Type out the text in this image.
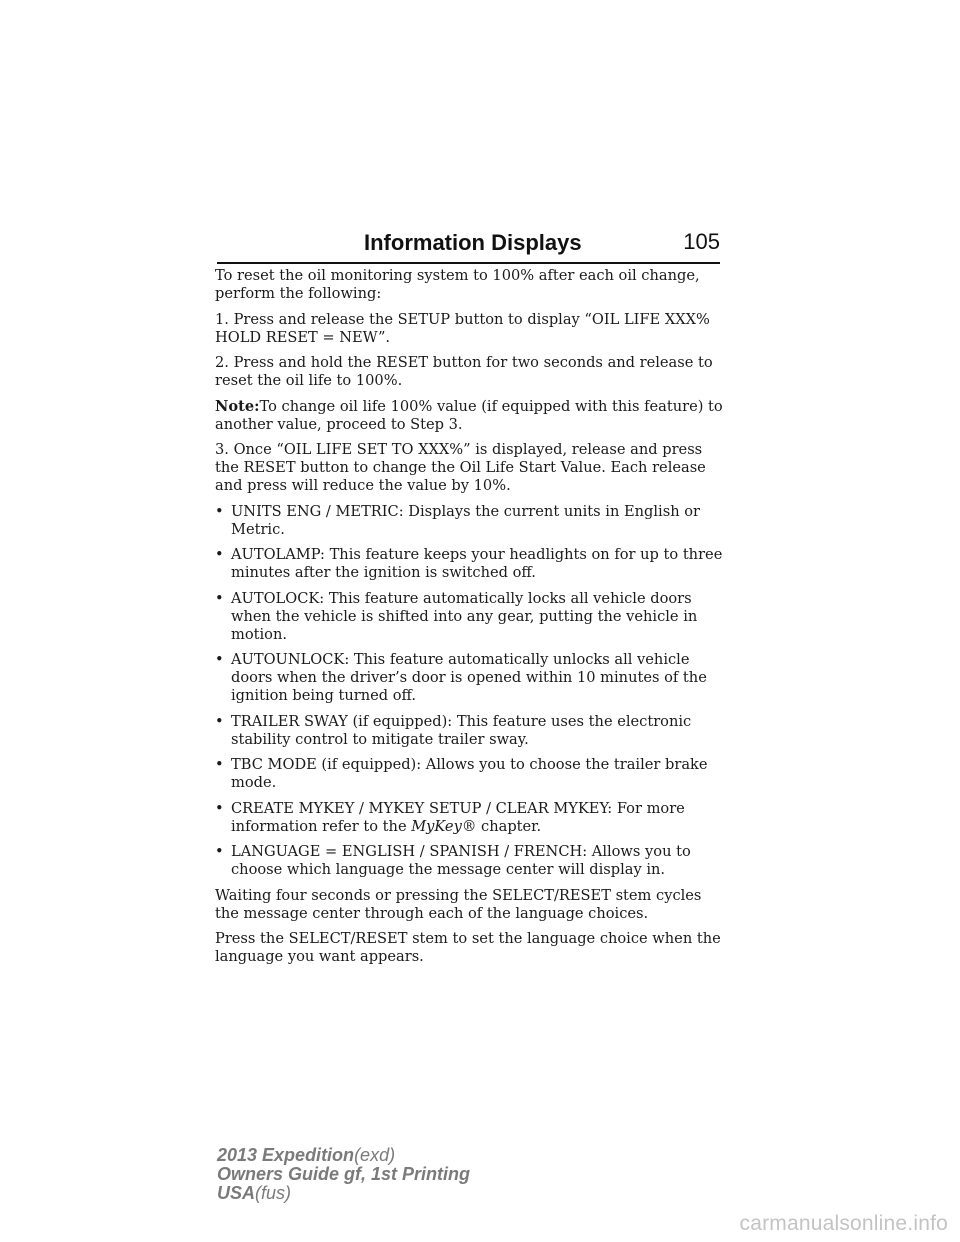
Information Displays	105

To reset the oil monitoring system to 100% after each oil change, perform the following:

1. Press and release the SETUP button to display “OIL LIFE XXX% HOLD RESET = NEW”.

2. Press and hold the RESET button for two seconds and release to reset the oil life to 100%.

Note:To change oil life 100% value (if equipped with this feature) to another value, proceed to Step 3.

3. Once “OIL LIFE SET TO XXX%” is displayed, release and press the RESET button to change the Oil Life Start Value. Each release and press will reduce the value by 10%.

• UNITS ENG / METRIC: Displays the current units in English or Metric.
• AUTOLAMP: This feature keeps your headlights on for up to three minutes after the ignition is switched off.
• AUTOLOCK: This feature automatically locks all vehicle doors when the vehicle is shifted into any gear, putting the vehicle in motion.
• AUTOUNLOCK: This feature automatically unlocks all vehicle doors when the driver’s door is opened within 10 minutes of the ignition being turned off.
• TRAILER SWAY (if equipped): This feature uses the electronic stability control to mitigate trailer sway.
• TBC MODE (if equipped): Allows you to choose the trailer brake mode.
• CREATE MYKEY / MYKEY SETUP / CLEAR MYKEY: For more information refer to the MyKey® chapter.
• LANGUAGE = ENGLISH / SPANISH / FRENCH: Allows you to choose which language the message center will display in.

Waiting four seconds or pressing the SELECT/RESET stem cycles the message center through each of the language choices.

Press the SELECT/RESET stem to set the language choice when the language you want appears.

2013 Expedition(exd)
Owners Guide gf, 1st Printing
USA(fus)
carmanualsonline.info
